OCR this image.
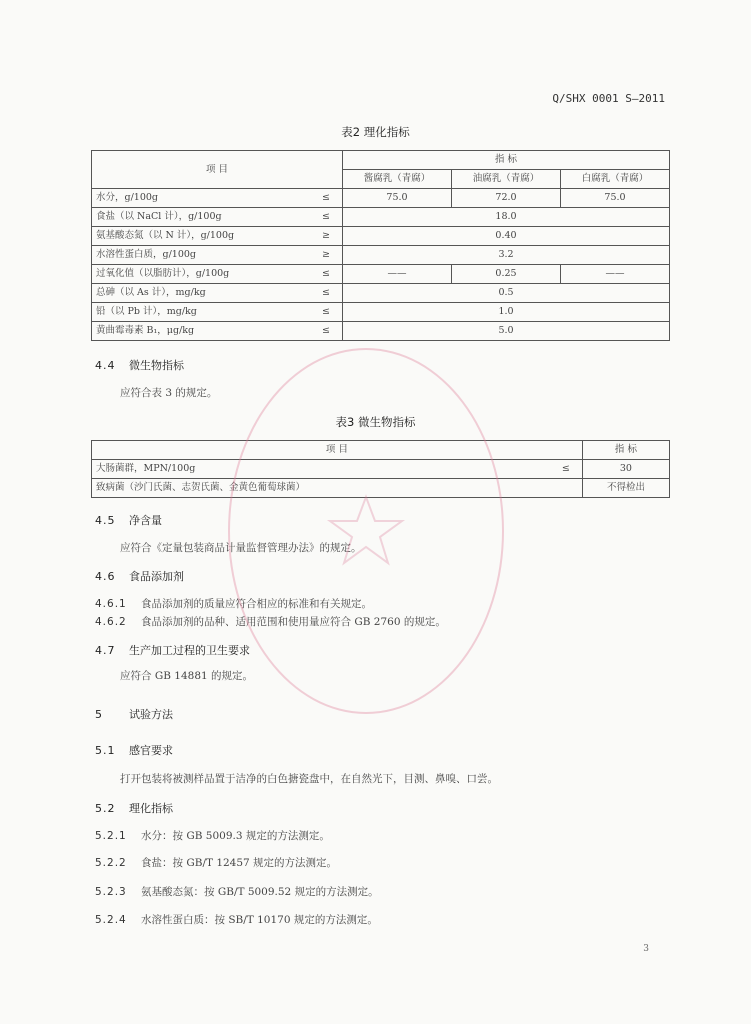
Q/SHX 0001 S—2011
表2 理化指标
项 目		指 标		
		酱腐乳（青腐）	油腐乳（青腐）	白腐乳（青腐）
水分，g/100g	≤	75.0	72.0	75.0
食盐（以 NaCl 计），g/100g	≤	18.0		
氨基酸态氮（以 N 计），g/100g	≥	0.40		
水溶性蛋白质，g/100g	≥	3.2		
过氧化值（以脂肪计），g/100g	≤	——	0.25	——
总砷（以 As 计），mg/kg	≤	0.5		
铅（以 Pb 计），mg/kg	≤	1.0		
黄曲霉毒素 B₁，μg/kg	≤	5.0		
4.4 微生物指标
应符合表 3 的规定。
表3 微生物指标
项 目		指 标
大肠菌群，MPN/100g	≤	30
致病菌（沙门氏菌、志贺氏菌、金黄色葡萄球菌）		不得检出
4.5 净含量
应符合《定量包装商品计量监督管理办法》的规定。
4.6 食品添加剂
4.6.1 食品添加剂的质量应符合相应的标准和有关规定。
4.6.2 食品添加剂的品种、适用范围和使用量应符合 GB 2760 的规定。
4.7 生产加工过程的卫生要求
应符合 GB 14881 的规定。
5 试验方法
5.1 感官要求
打开包装将被测样品置于洁净的白色搪瓷盘中，在自然光下，目测、鼻嗅、口尝。
5.2 理化指标
5.2.1 水分：按 GB 5009.3 规定的方法测定。
5.2.2 食盐：按 GB/T 12457 规定的方法测定。
5.2.3 氨基酸态氮：按 GB/T 5009.52 规定的方法测定。
5.2.4 水溶性蛋白质：按 SB/T 10170 规定的方法测定。
3
